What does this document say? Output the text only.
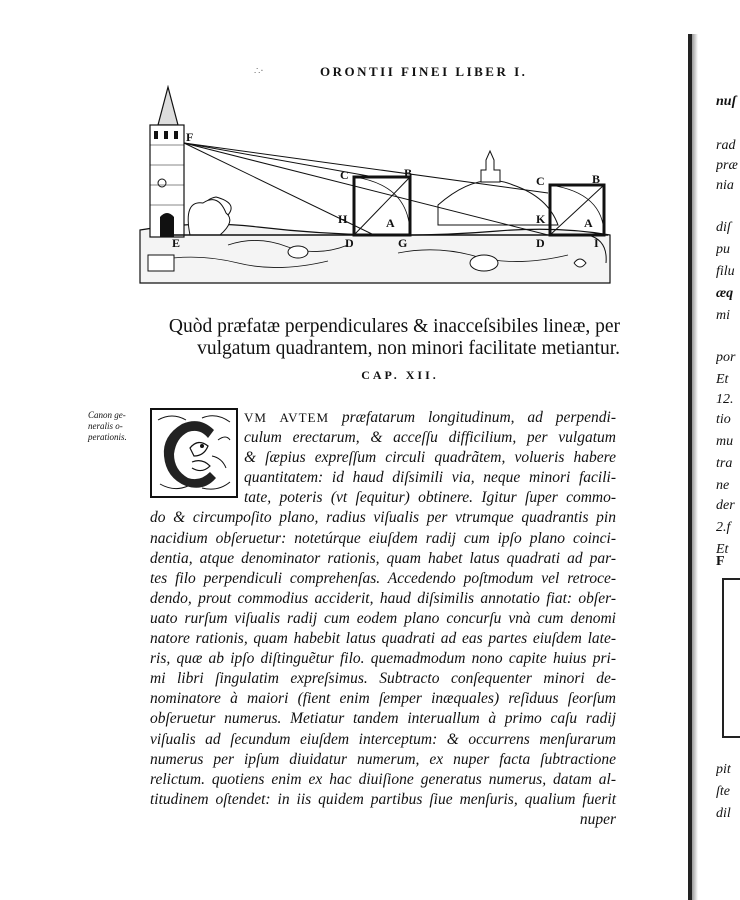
∴·	ORONTII FINEI LIBER I.
F
E
C	B
H	A
D	G
C	B
K	A
D	I
Quòd præfatæ perpendiculares & inacceſsibiles lineæ, per
vulgatum quadrantem, non minori facilitate metiantur.
CAP. XII.
Canon ge-
neralis o-
perationis.
VM AVTEM præfatarum longitudinum, ad perpendi-
culum erectarum, & acceſſu difficilium, per vulgatum
& ſæpius expreſſum circuli quadrãtem, volueris habere
quantitatem: id haud diſsimili via, neque minori facili-
tate, poteris (vt ſequitur) obtinere. Igitur ſuper commo-
do & circumpoſito plano, radius viſualis per vtrumque quadrantis pin
nacidium obſeruetur: notetúrque eiuſdem radij cum ipſo plano coinci-
dentia, atque denominator rationis, quam habet latus quadrati ad par-
tes filo perpendiculi comprehenſas. Accedendo poſtmodum vel retroce-
dendo, prout commodius acciderit, haud diſsimilis annotatio fiat: obſer-
uato rurſum viſualis radij cum eodem plano concurſu vnà cum denomi
natore rationis, quam habebit latus quadrati ad eas partes eiuſdem late-
ris, quæ ab ipſo diſtinguẽtur filo. quemadmodum nono capite huius pri-
mi libri ſingulatim expreſsimus. Subtracto conſequenter minori de-
nominatore à maiori (fient enim ſemper inæquales) reſiduus ſeorſum
obſeruetur numerus. Metiatur tandem interuallum à primo caſu radij
viſualis ad ſecundum eiuſdem interceptum: & occurrens menſurarum
numerus per ipſum diuidatur numerum, ex nuper facta ſubtractione
relictum. quotiens enim ex hac diuiſione generatus numerus, datam al-
titudinem oſtendet: in iis quidem partibus ſiue menſuris, qualium fuerit
nuper
nuſ
rad
præ
nia
diſ
pu
filu
æq
mi
por
Et
12.
tio
mu
tra
ne
der
2.f
Et
F
pit
ſte
dil
